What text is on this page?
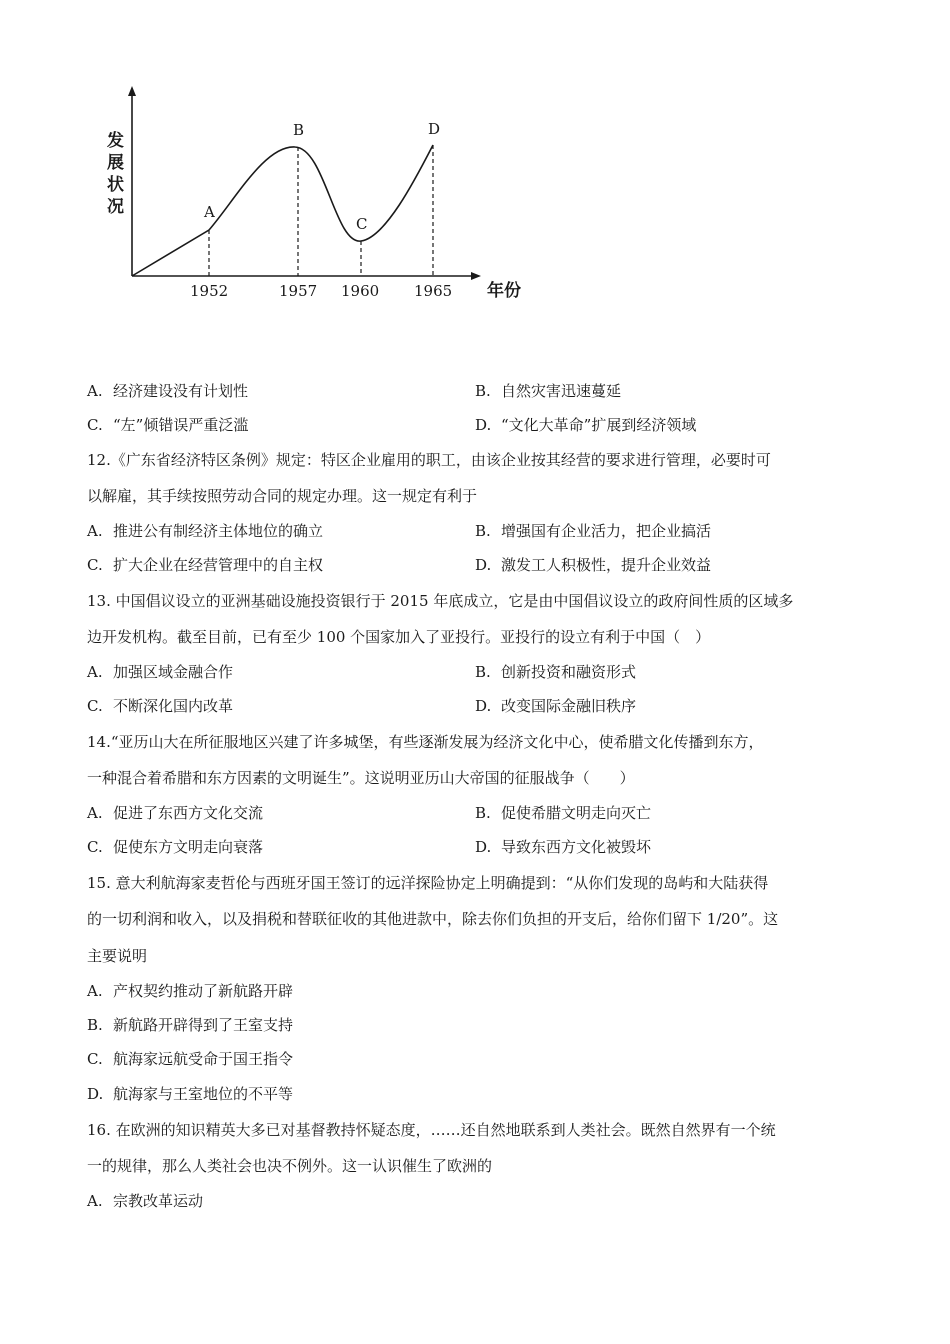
发
展
状
况
年份
A
B
C
D
1952	1957 1960 1965
A. 经济建设没有计划性	B. 自然灾害迅速蔓延
C. “左”倾错误严重泛滥	D. “文化大革命”扩展到经济领域
12.《广东省经济特区条例》规定：特区企业雇用的职工，由该企业按其经营的要求进行管理，必要时可
以解雇，其手续按照劳动合同的规定办理。这一规定有利于
A. 推进公有制经济主体地位的确立	B. 增强国有企业活力，把企业搞活
C. 扩大企业在经营管理中的自主权	D. 激发工人积极性，提升企业效益
13. 中国倡议设立的亚洲基础设施投资银行于 2015 年底成立，它是由中国倡议设立的政府间性质的区域多
边开发机构。截至目前，已有至少 100 个国家加入了亚投行。亚投行的设立有利于中国（　）
A. 加强区域金融合作	B. 创新投资和融资形式
C. 不断深化国内改革	D. 改变国际金融旧秩序
14.“亚历山大在所征服地区兴建了许多城堡，有些逐渐发展为经济文化中心，使希腊文化传播到东方，
一种混合着希腊和东方因素的文明诞生”。这说明亚历山大帝国的征服战争（　　）
A. 促进了东西方文化交流	B. 促使希腊文明走向灭亡
C. 促使东方文明走向衰落	D. 导致东西方文化被毁坏
15. 意大利航海家麦哲伦与西班牙国王签订的远洋探险协定上明确提到：“从你们发现的岛屿和大陆获得
的一切利润和收入，以及捐税和替联征收的其他进款中，除去你们负担的开支后，给你们留下 1/20”。这
主要说明
A. 产权契约推动了新航路开辟
B. 新航路开辟得到了王室支持
C. 航海家远航受命于国王指令
D. 航海家与王室地位的不平等
16. 在欧洲的知识精英大多已对基督教持怀疑态度，……还自然地联系到人类社会。既然自然界有一个统
一的规律，那么人类社会也决不例外。这一认识催生了欧洲的
A. 宗教改革运动
